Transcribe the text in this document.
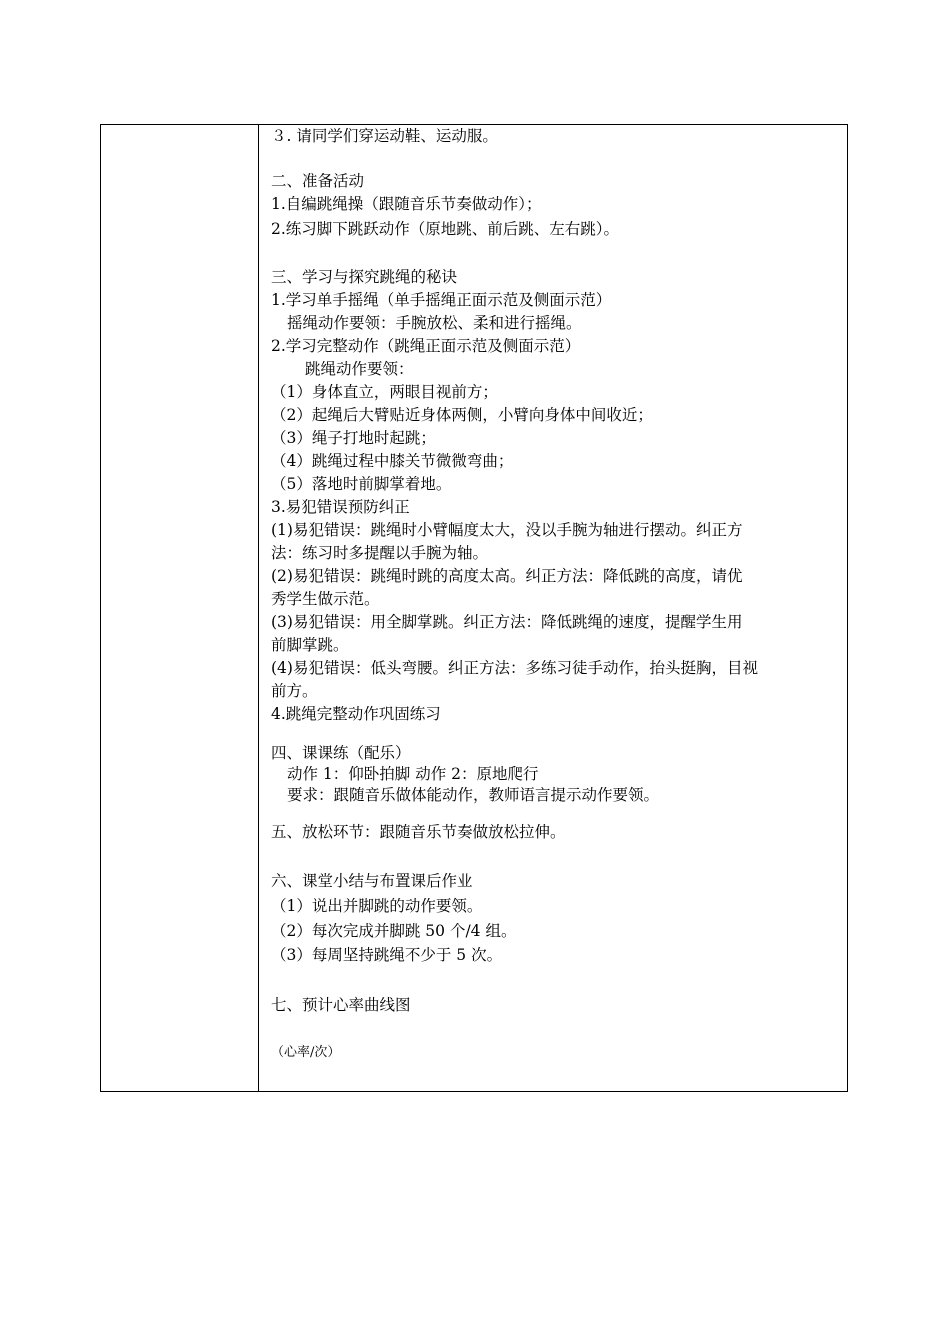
３. 请同学们穿运动鞋、运动服。
二、准备活动
1.自编跳绳操（跟随音乐节奏做动作）；
2.练习脚下跳跃动作（原地跳、前后跳、左右跳）。
三、学习与探究跳绳的秘诀
1.学习单手摇绳（单手摇绳正面示范及侧面示范）
摇绳动作要领：手腕放松、柔和进行摇绳。
2.学习完整动作（跳绳正面示范及侧面示范）
跳绳动作要领：
（1）身体直立，两眼目视前方；
（2）起绳后大臂贴近身体两侧，小臂向身体中间收近；
（3）绳子打地时起跳；
（4）跳绳过程中膝关节微微弯曲；
（5）落地时前脚掌着地。
3.易犯错误预防纠正
(1)易犯错误：跳绳时小臂幅度太大，没以手腕为轴进行摆动。纠正方
法：练习时多提醒以手腕为轴。
(2)易犯错误：跳绳时跳的高度太高。纠正方法：降低跳的高度，请优
秀学生做示范。
(3)易犯错误：用全脚掌跳。纠正方法：降低跳绳的速度，提醒学生用
前脚掌跳。
(4)易犯错误：低头弯腰。纠正方法：多练习徒手动作，抬头挺胸，目视
前方。
4.跳绳完整动作巩固练习
四、课课练（配乐）
动作 1：仰卧拍脚 动作 2：原地爬行
要求：跟随音乐做体能动作，教师语言提示动作要领。
五、放松环节：跟随音乐节奏做放松拉伸。
六、课堂小结与布置课后作业
（1）说出并脚跳的动作要领。
（2）每次完成并脚跳 50 个/4 组。
（3）每周坚持跳绳不少于 5 次。
七、预计心率曲线图
（心率/次）
